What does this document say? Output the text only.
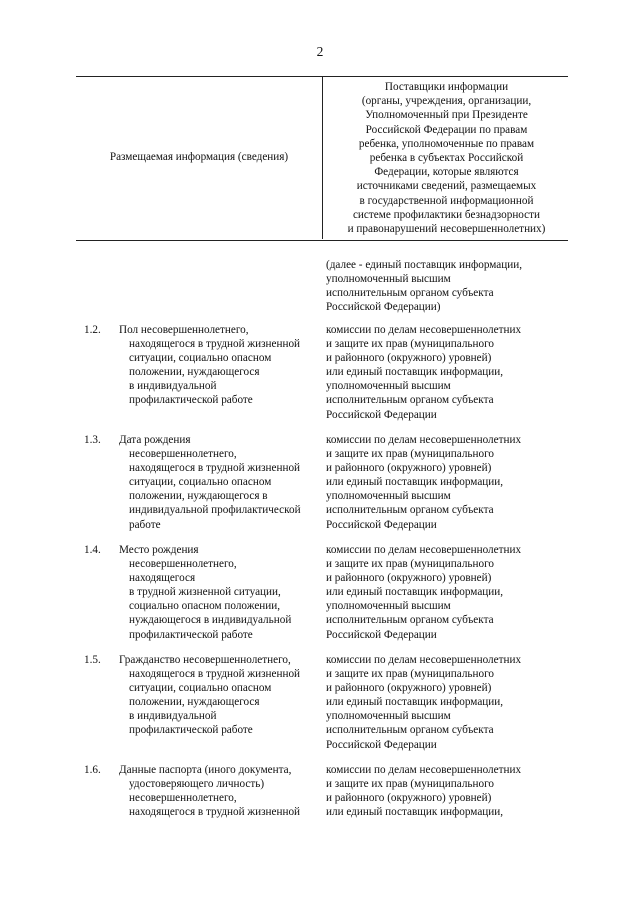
2
Размещаемая информация (сведения)
Поставщики информации
(органы, учреждения, организации,
Уполномоченный при Президенте
Российской Федерации по правам
ребенка, уполномоченные по правам
ребенка в субъектах Российской
Федерации, которые являются
источниками сведений, размещаемых
в государственной информационной
системе профилактики безнадзорности
и правонарушений несовершеннолетних)
(далее - единый поставщик информации,
уполномоченный высшим
исполнительным органом субъекта
Российской Федерации)
1.2. Пол несовершеннолетнего,
находящегося в трудной жизненной
ситуации, социально опасном
положении, нуждающегося
в индивидуальной
профилактической работе
комиссии по делам несовершеннолетних
и защите их прав (муниципального
и районного (окружного) уровней)
или единый поставщик информации,
уполномоченный высшим
исполнительным органом субъекта
Российской Федерации
1.3. Дата рождения
несовершеннолетнего,
находящегося в трудной жизненной
ситуации, социально опасном
положении, нуждающегося в
индивидуальной профилактической
работе
комиссии по делам несовершеннолетних
и защите их прав (муниципального
и районного (окружного) уровней)
или единый поставщик информации,
уполномоченный высшим
исполнительным органом субъекта
Российской Федерации
1.4. Место рождения
несовершеннолетнего,
находящегося
в трудной жизненной ситуации,
социально опасном положении,
нуждающегося в индивидуальной
профилактической работе
комиссии по делам несовершеннолетних
и защите их прав (муниципального
и районного (окружного) уровней)
или единый поставщик информации,
уполномоченный высшим
исполнительным органом субъекта
Российской Федерации
1.5. Гражданство несовершеннолетнего,
находящегося в трудной жизненной
ситуации, социально опасном
положении, нуждающегося
в индивидуальной
профилактической работе
комиссии по делам несовершеннолетних
и защите их прав (муниципального
и районного (окружного) уровней)
или единый поставщик информации,
уполномоченный высшим
исполнительным органом субъекта
Российской Федерации
1.6. Данные паспорта (иного документа,
удостоверяющего личность)
несовершеннолетнего,
находящегося в трудной жизненной
комиссии по делам несовершеннолетних
и защите их прав (муниципального
и районного (окружного) уровней)
или единый поставщик информации,
